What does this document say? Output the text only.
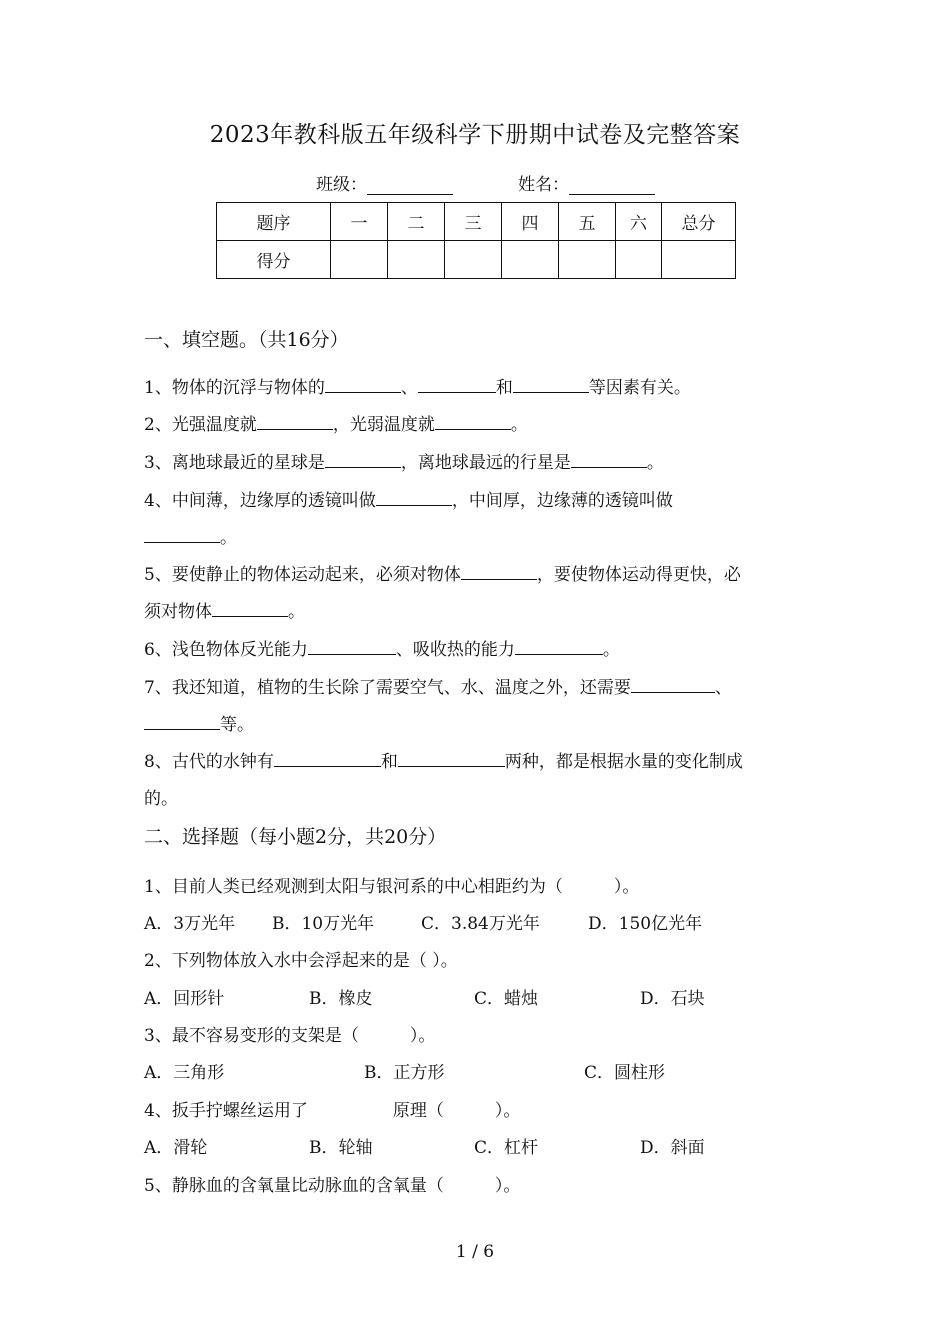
2023年教科版五年级科学下册期中试卷及完整答案
班级：	姓名：
题序	一	二	三	四	五	六	总分
得分							
一、填空题。（共16分）
1、物体的沉浮与物体的	、	和	等因素有关。
2、光强温度就	，光弱温度就	。
3、离地球最近的星球是	，离地球最远的行星是	。
4、中间薄，边缘厚的透镜叫做	，中间厚，边缘薄的透镜叫做
。
5、要使静止的物体运动起来，必须对物体	，要使物体运动得更快，必
须对物体	。
6、浅色物体反光能力	、吸收热的能力	。
7、我还知道，植物的生长除了需要空气、水、温度之外，还需要	、
等。
8、古代的水钟有	和	两种，都是根据水量的变化制成
的。
二、选择题（每小题2分，共20分）
1、目前人类已经观测到太阳与银河系的中心相距约为（　　　）。
A．3万光年 B．10万光年	C．3.84万光年	D．150亿光年
2、下列物体放入水中会浮起来的是（ ）。
A．回形针	B．橡皮	C．蜡烛	D．石块
3、最不容易变形的支架是（　　　）。
A．三角形	B．正方形	C．圆柱形
4、扳手拧螺丝运用了　　　　　原理（　　　）。
A．滑轮	B．轮轴	C．杠杆	D．斜面
5、静脉血的含氧量比动脉血的含氧量（　　　）。
1 / 6
